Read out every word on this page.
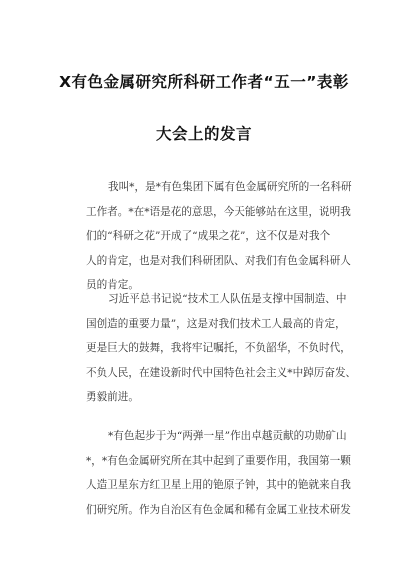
X有色金属研究所科研工作者“五一”表彰
大会上的发言
我叫*，是*有色集团下属有色金属研究所的一名科研
工作者。*在*语是花的意思，今天能够站在这里，说明我
们的“科研之花”开成了“成果之花”，这不仅是对我个
人的肯定，也是对我们科研团队、对我们有色金属科研人
员的肯定。
习近平总书记说“技术工人队伍是支撑中国制造、中
国创造的重要力量”，这是对我们技术工人最高的肯定，
更是巨大的鼓舞，我将牢记嘱托，不负韶华，不负时代，
不负人民，在建设新时代中国特色社会主义*中踔厉奋发、
勇毅前进。
*有色起步于为“两弹一星”作出卓越贡献的功勋矿山
*，*有色金属研究所在其中起到了重要作用，我国第一颗
人造卫星东方红卫星上用的铯原子钟，其中的铯就来自我
们研究所。作为自治区有色金属和稀有金属工业技术研发
